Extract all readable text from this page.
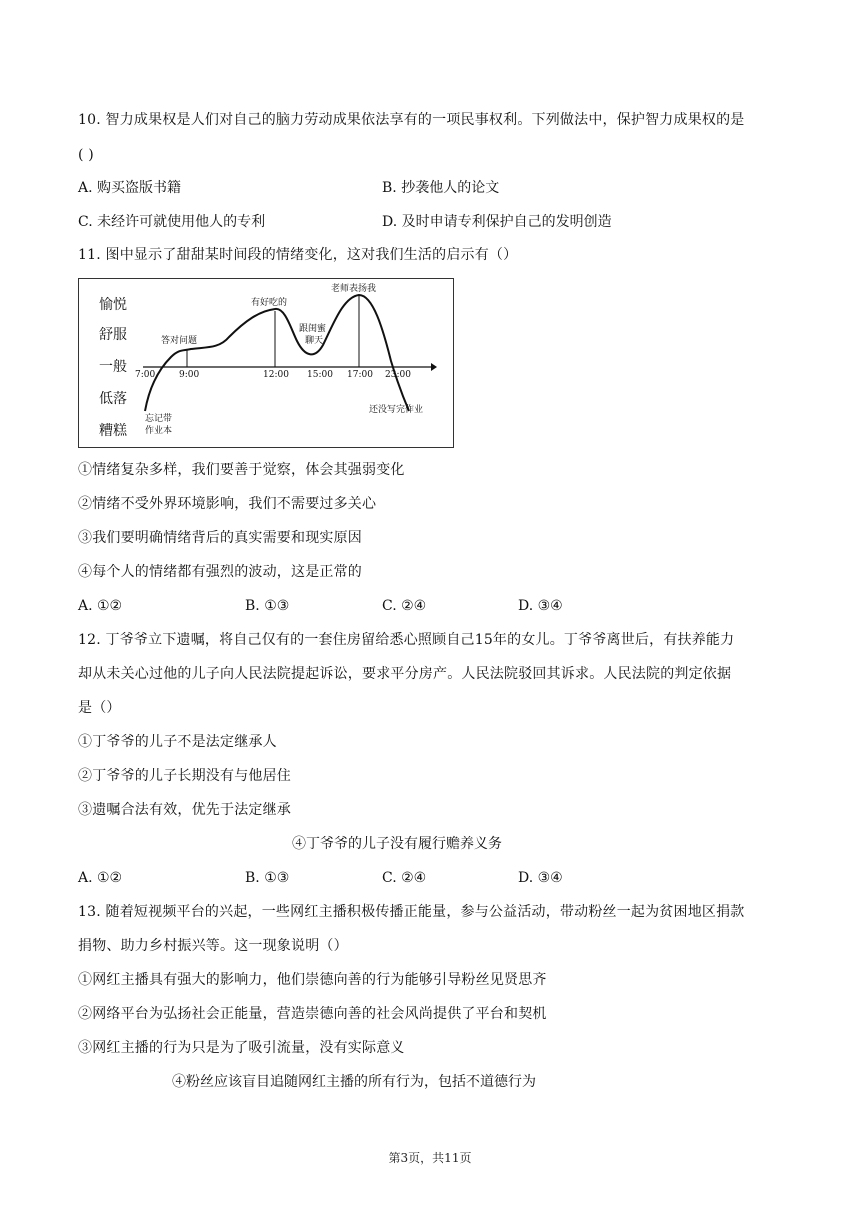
10. 智力成果权是人们对自己的脑力劳动成果依法享有的一项民事权利。下列做法中，保护智力成果权的是
( )
A. 购买盗版书籍	B. 抄袭他人的论文
C. 未经许可就使用他人的专利	D. 及时申请专利保护自己的发明创造
11. 图中显示了甜甜某时间段的情绪变化，这对我们生活的启示有（）
愉悦
舒服
一般
低落
糟糕
7:00	9:00	12:00 15:00 17:00 23:00
忘记带
作业本
答对问题
有好吃的
跟闺蜜
聊天
老师表扬我
还没写完作业
①情绪复杂多样，我们要善于觉察，体会其强弱变化
②情绪不受外界环境影响，我们不需要过多关心
③我们要明确情绪背后的真实需要和现实原因
④每个人的情绪都有强烈的波动，这是正常的
A. ①②	B. ①③	C. ②④	D. ③④
12. 丁爷爷立下遗嘱，将自己仅有的一套住房留给悉心照顾自己15年的女儿。丁爷爷离世后，有扶养能力
却从未关心过他的儿子向人民法院提起诉讼，要求平分房产。人民法院驳回其诉求。人民法院的判定依据
是（）
①丁爷爷的儿子不是法定继承人
②丁爷爷的儿子长期没有与他居住
③遗嘱合法有效，优先于法定继承
④丁爷爷的儿子没有履行赡养义务
A. ①②	B. ①③	C. ②④	D. ③④
13. 随着短视频平台的兴起，一些网红主播积极传播正能量，参与公益活动，带动粉丝一起为贫困地区捐款
捐物、助力乡村振兴等。这一现象说明（）
①网红主播具有强大的影响力，他们崇德向善的行为能够引导粉丝见贤思齐
②网络平台为弘扬社会正能量，营造崇德向善的社会风尚提供了平台和契机
③网红主播的行为只是为了吸引流量，没有实际意义
④粉丝应该盲目追随网红主播的所有行为，包括不道德行为
第3页，共11页
